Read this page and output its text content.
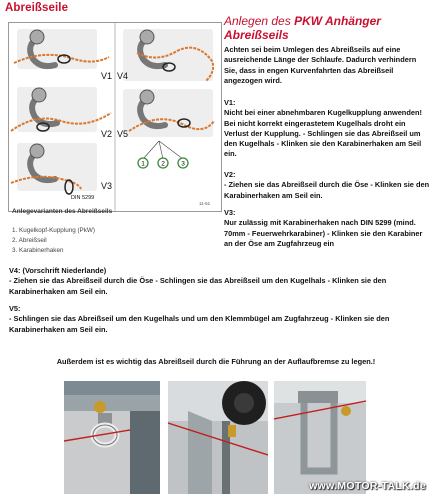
Abreißseile
1	2	3
V1
V2
V3
V4
V5
DIN 5299
11-51
Anlegevarianten des Abreißseils
1. Kugelkopf-Kupplung (PkW)
2. Abreißseil
3. Karabinerhaken
Anlegen des PKW Anhänger
Abreißseils
Achten sei beim Umlegen des Abreißseils auf eine ausreichende Länge der Schlaufe. Dadurch verhindern Sie, dass in engen Kurvenfahrten das Abreißseil angezogen wird.
V1:
Nicht bei einer abnehmbaren Kugelkupplung anwenden! Bei nicht korrekt eingerastetem Kugelhals droht ein Verlust der Kupplung. - Schlingen sie das Abreißseil um den Kugelhals - Klinken sie den Karabinerhaken am Seil ein.
V2:
- Ziehen sie das Abreißseil durch die Öse - Klinken sie den Karabinerhaken am Seil ein.
V3:
Nur zulässig mit Karabinerhaken nach DIN 5299 (mind. 70mm - Feuerwehrkarabiner) - Klinken sie den Karabiner an der Öse am Zugfahrzeug ein
V4: (Vorschrift Niederlande)
- Ziehen sie das Abreißseil durch die Öse - Schlingen sie das Abreißseil um den Kugelhals - Klinken sie den Karabinerhaken am Seil ein.
V5:
- Schlingen sie das Abreißseil um den Kugelhals und um den Klemmbügel am Zugfahrzeug - Klinken sie den Karabinerhaken am Seil ein.
Außerdem ist es wichtig das Abreißseil durch die Führung an der Auflaufbremse zu legen.!
www.MOTOR-TALK.de
